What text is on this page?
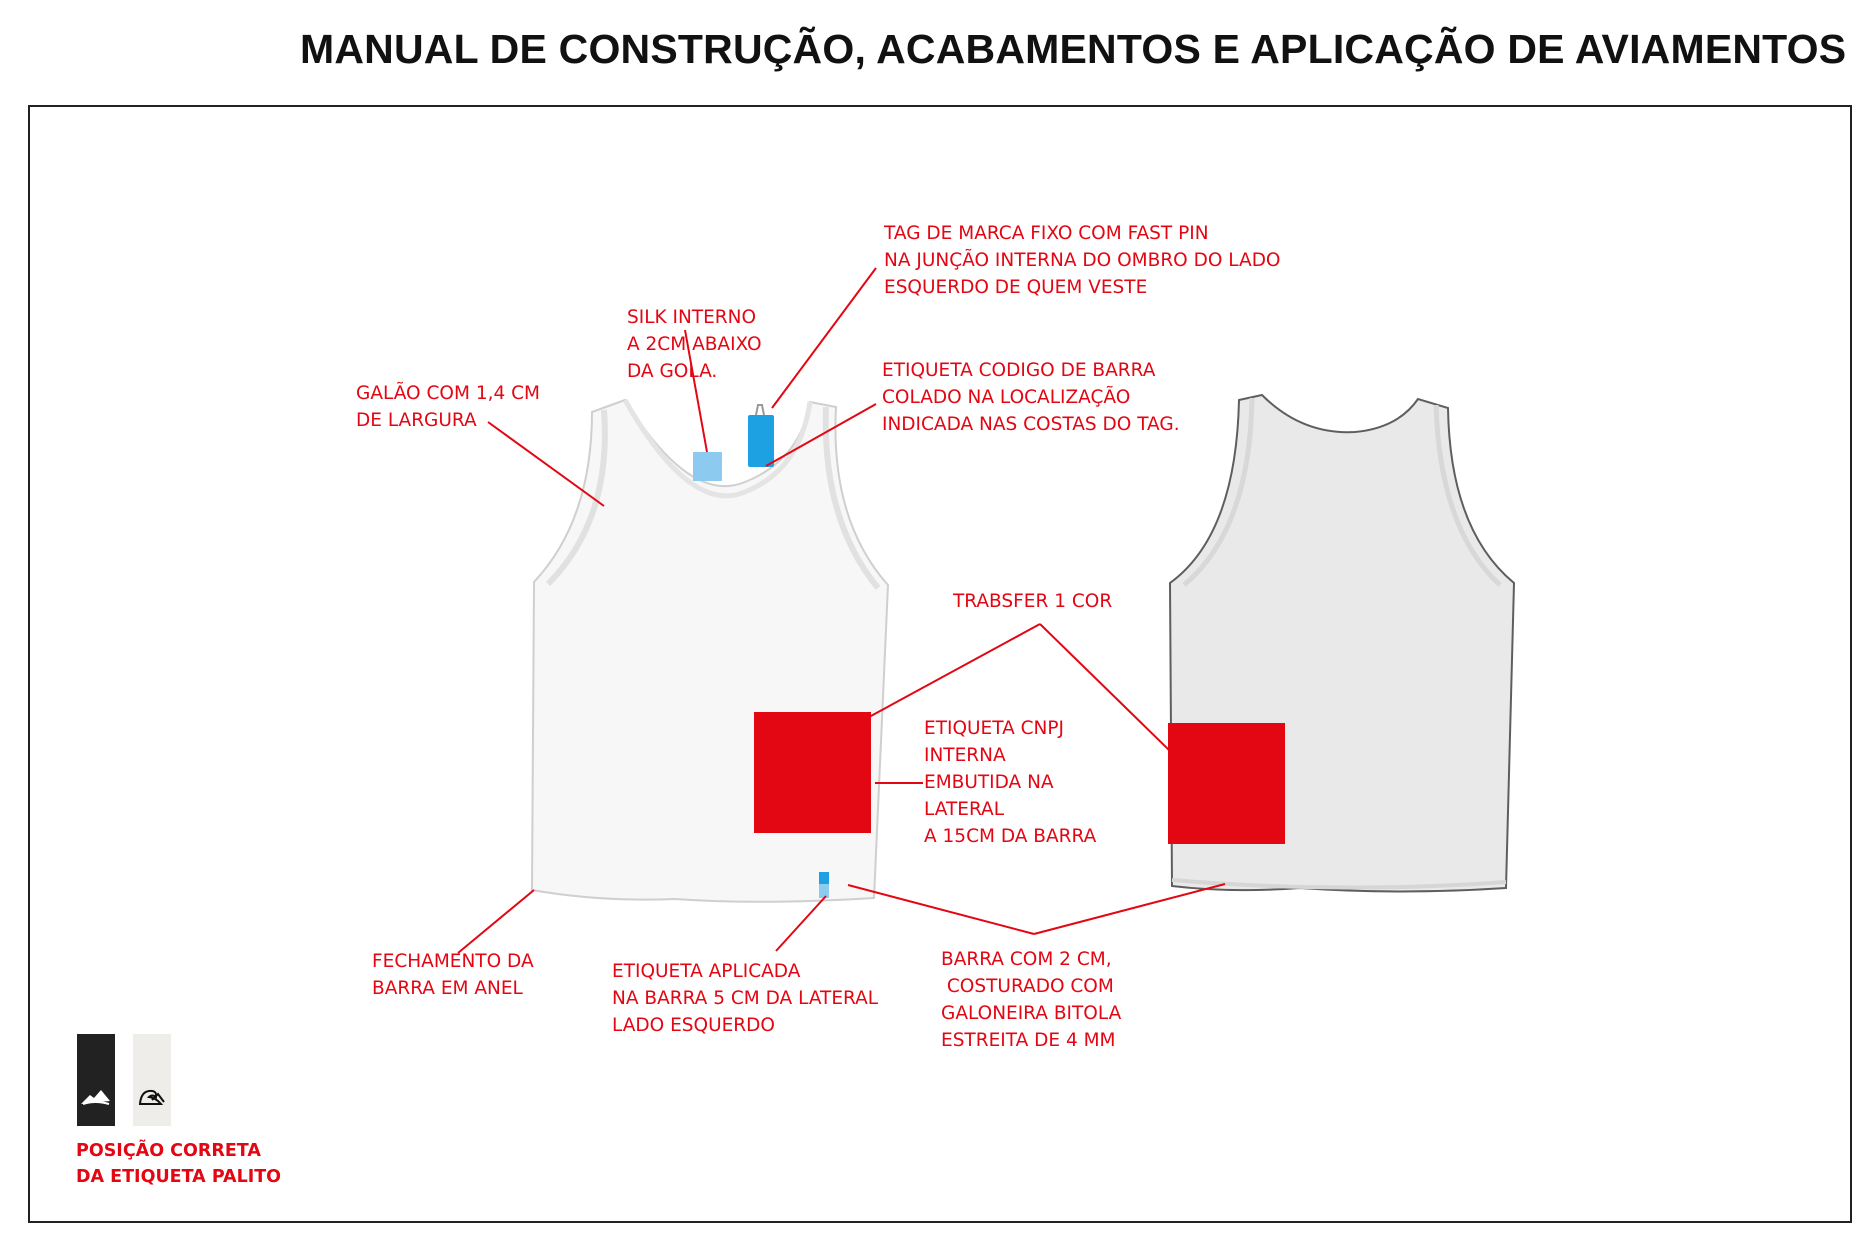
MANUAL DE CONSTRUÇÃO, ACABAMENTOS E APLICAÇÃO DE AVIAMENTOS
TAG DE MARCA FIXO COM FAST PIN
NA JUNÇÃO INTERNA DO OMBRO DO LADO
ESQUERDO DE QUEM VESTE
SILK INTERNO
A 2CM ABAIXO
DA GOLA.
GALÃO COM 1,4 CM
DE LARGURA
ETIQUETA CODIGO DE BARRA
COLADO NA LOCALIZAÇÃO
INDICADA NAS COSTAS DO TAG.
TRABSFER 1 COR
ETIQUETA CNPJ
INTERNA
EMBUTIDA NA
LATERAL
A 15CM DA BARRA
FECHAMENTO DA
BARRA EM ANEL
ETIQUETA APLICADA
NA BARRA 5 CM DA LATERAL
LADO ESQUERDO
BARRA COM 2 CM,
COSTURADO COM
GALONEIRA BITOLA
ESTREITA DE 4 MM
POSIÇÃO CORRETA
DA ETIQUETA PALITO
